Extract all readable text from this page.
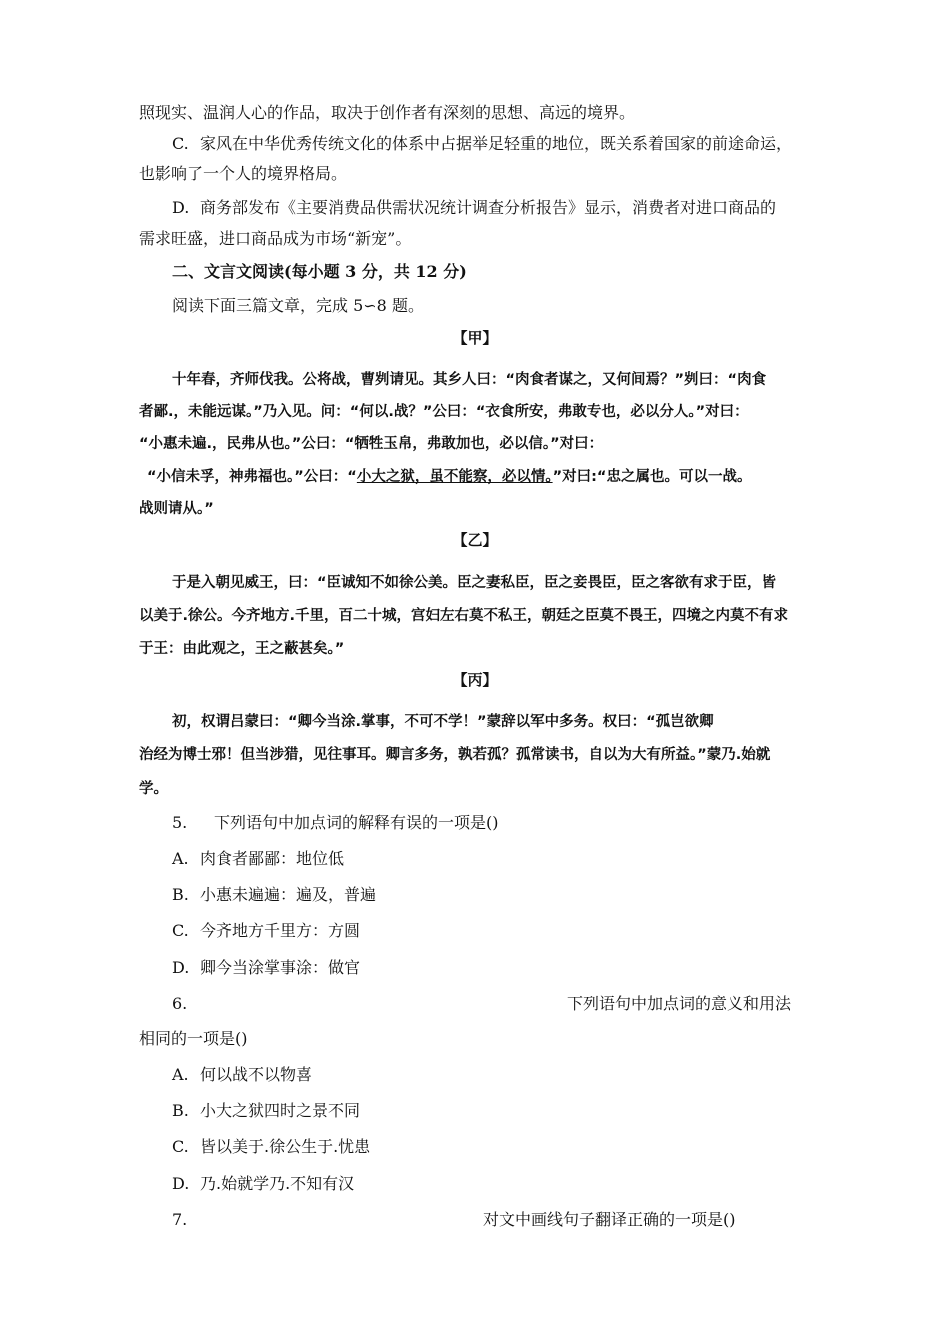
照现实、温润人心的作品，取决于创作者有深刻的思想、高远的境界。
C. 家风在中华优秀传统文化的体系中占据举足轻重的地位，既关系着国家的前途命运，
也影响了一个人的境界格局。
D. 商务部发布《主要消费品供需状况统计调查分析报告》显示，消费者对进口商品的
需求旺盛，进口商品成为市场“新宠”。
二、文言文阅读(每小题 3 分，共 12 分)
阅读下面三篇文章，完成 5∽8 题。
【甲】
十年春，齐师伐我。公将战，曹刿请见。其乡人曰：“肉食者谋之，又何间焉？”刿曰：“肉食
者鄙.，未能远谋。”乃入见。问：“何以.战？”公曰：“衣食所安，弗敢专也，必以分人。”对曰：
“小惠未遍.，民弗从也。”公曰：“牺牲玉帛，弗敢加也，必以信。”对曰：
“小信未孚，神弗福也。”公曰：“小大之狱，虽不能察，必以情。”对曰:“忠之属也。可以一战。
战则请从。”
【乙】
于是入朝见威王，曰：“臣诚知不如徐公美。臣之妻私臣，臣之妾畏臣，臣之客欲有求于臣，皆
以美于.徐公。今齐地方.千里，百二十城，宫妇左右莫不私王，朝廷之臣莫不畏王，四境之内莫不有求
于王：由此观之，王之蔽甚矣。”
【丙】
初，权谓吕蒙曰：“卿今当涂.掌事，不可不学！”蒙辞以军中多务。权曰：“孤岂欲卿
治经为博士邪！但当涉猎，见往事耳。卿言多务，孰若孤？孤常读书，自以为大有所益。”蒙乃.始就
学。
5. 下列语句中加点词的解释有误的一项是()
A. 肉食者鄙鄙：地位低
B. 小惠未遍遍：遍及，普遍
C. 今齐地方千里方：方圆
D. 卿今当涂掌事涂：做官
6.	下列语句中加点词的意义和用法
相同的一项是()
A. 何以战不以物喜
B. 小大之狱四时之景不同
C. 皆以美于.徐公生于.忧患
D. 乃.始就学乃.不知有汉
7.	对文中画线句子翻译正确的一项是()
